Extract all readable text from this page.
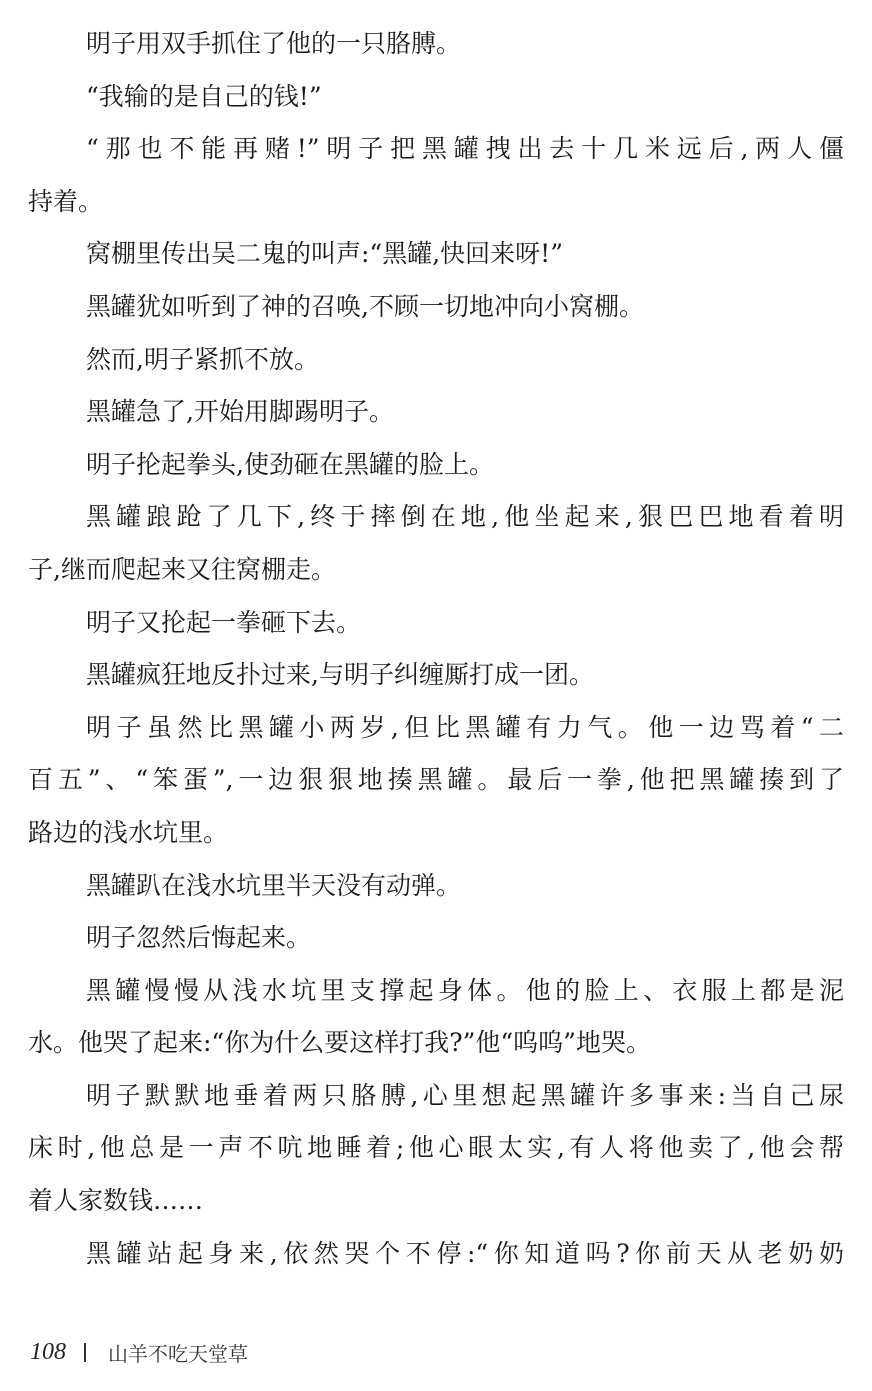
明子用双手抓住了他的一只胳膊。
“我输的是自己的钱!”
“那也不能再赌!”明子把黑罐拽出去十几米远后,两人僵
持着。
窝棚里传出吴二鬼的叫声:“黑罐,快回来呀!”
黑罐犹如听到了神的召唤,不顾一切地冲向小窝棚。
然而,明子紧抓不放。
黑罐急了,开始用脚踢明子。
明子抡起拳头,使劲砸在黑罐的脸上。
黑罐踉跄了几下,终于摔倒在地,他坐起来,狠巴巴地看着明
子,继而爬起来又往窝棚走。
明子又抡起一拳砸下去。
黑罐疯狂地反扑过来,与明子纠缠厮打成一团。
明子虽然比黑罐小两岁,但比黑罐有力气。他一边骂着“二
百五”、“笨蛋”,一边狠狠地揍黑罐。最后一拳,他把黑罐揍到了
路边的浅水坑里。
黑罐趴在浅水坑里半天没有动弹。
明子忽然后悔起来。
黑罐慢慢从浅水坑里支撑起身体。他的脸上、衣服上都是泥
水。他哭了起来:“你为什么要这样打我?”他“呜呜”地哭。
明子默默地垂着两只胳膊,心里想起黑罐许多事来:当自己尿
床时,他总是一声不吭地睡着;他心眼太实,有人将他卖了,他会帮
着人家数钱……
黑罐站起身来,依然哭个不停:“你知道吗?你前天从老奶奶
108 山羊不吃天堂草
